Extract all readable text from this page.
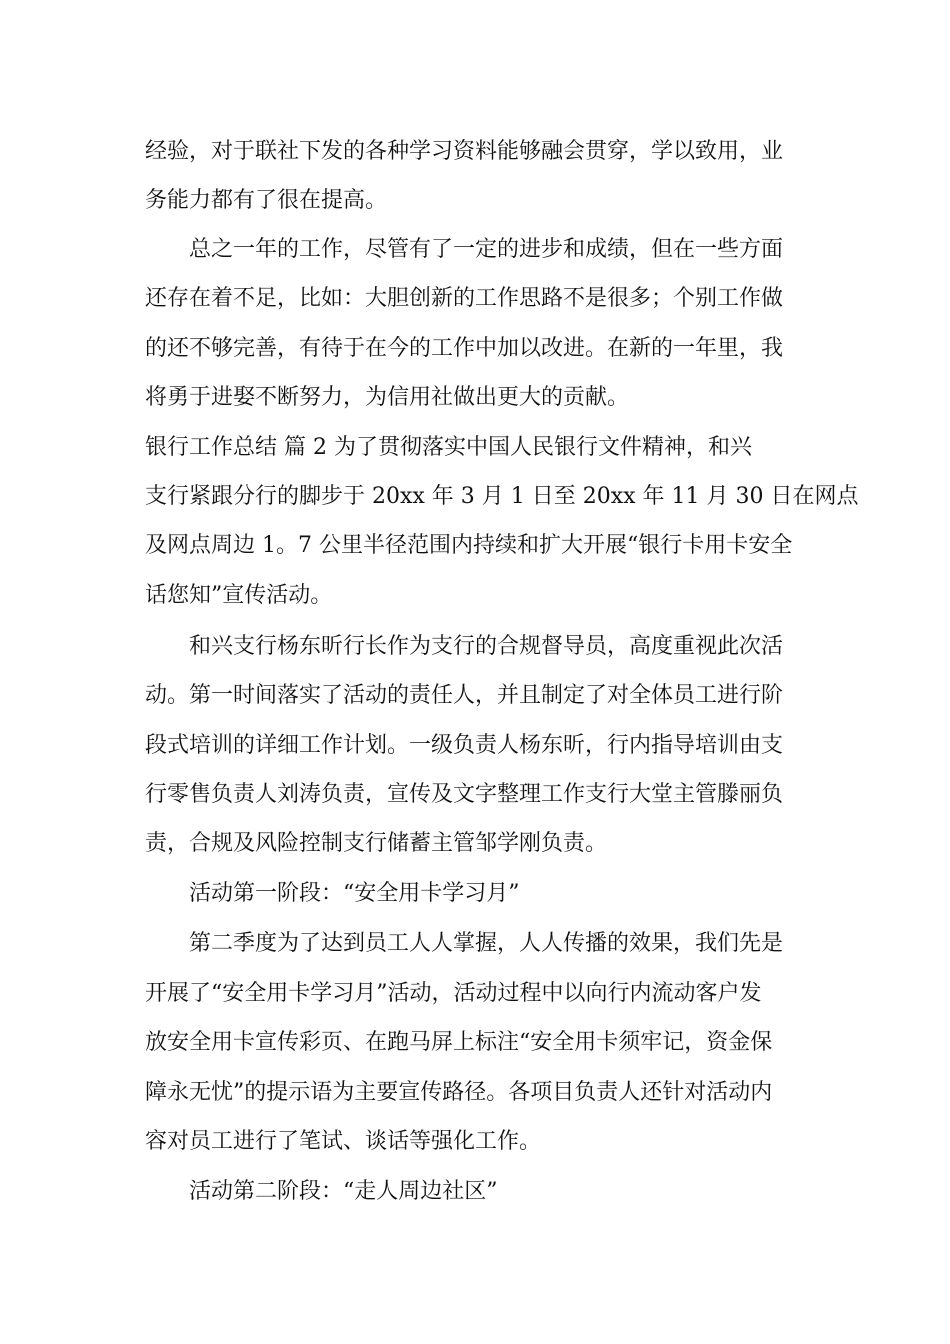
经验，对于联社下发的各种学习资料能够融会贯穿，学以致用，业
务能力都有了很在提高。
总之一年的工作，尽管有了一定的进步和成绩，但在一些方面
还存在着不足，比如：大胆创新的工作思路不是很多；个别工作做
的还不够完善，有待于在今的工作中加以改进。在新的一年里，我
将勇于进娶不断努力，为信用社做出更大的贡献。
银行工作总结 篇 2 为了贯彻落实中国人民银行文件精神，和兴
支行紧跟分行的脚步于 20xx 年 3 月 1 日至 20xx 年 11 月 30 日在网点
及网点周边 1。7 公里半径范围内持续和扩大开展“银行卡用卡安全
话您知”宣传活动。
和兴支行杨东昕行长作为支行的合规督导员，高度重视此次活
动。第一时间落实了活动的责任人，并且制定了对全体员工进行阶
段式培训的详细工作计划。一级负责人杨东昕，行内指导培训由支
行零售负责人刘涛负责，宣传及文字整理工作支行大堂主管滕丽负
责，合规及风险控制支行储蓄主管邹学刚负责。
活动第一阶段：“安全用卡学习月”
第二季度为了达到员工人人掌握，人人传播的效果，我们先是
开展了“安全用卡学习月”活动，活动过程中以向行内流动客户发
放安全用卡宣传彩页、在跑马屏上标注“安全用卡须牢记，资金保
障永无忧”的提示语为主要宣传路径。各项目负责人还针对活动内
容对员工进行了笔试、谈话等强化工作。
活动第二阶段：“走人周边社区”
